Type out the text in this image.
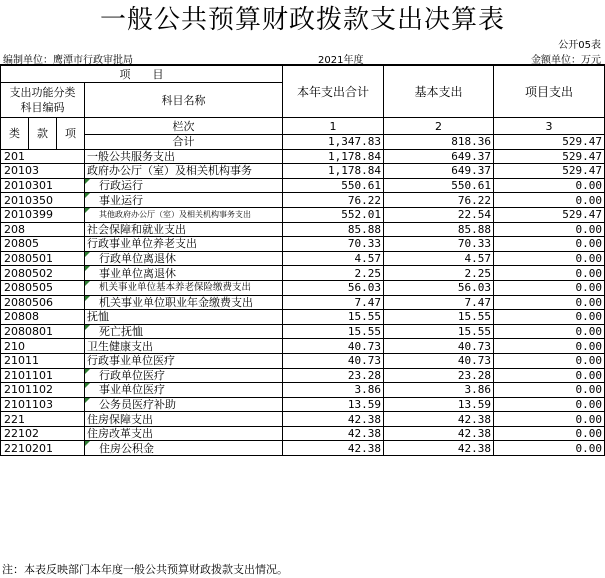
一般公共预算财政拨款支出决算表
公开05表
编制单位：鹰潭市行政审批局	2021年度	金额单位：万元
项　　目				本年支出合计	基本支出	项目支出
支出功能分类
科目编码			科目名称			
类	款	项				
			栏次	1	2	3
			合计	1,347.83	818.36	529.47
201			一般公共服务支出	1,178.84	649.37	529.47
20103			政府办公厅（室）及相关机构事务	1,178.84	649.37	529.47
2010301			行政运行	550.61	550.61	0.00
2010350			事业运行	76.22	76.22	0.00
2010399			其他政府办公厅（室）及相关机构事务支出	552.01	22.54	529.47
208			社会保障和就业支出	85.88	85.88	0.00
20805			行政事业单位养老支出	70.33	70.33	0.00
2080501			行政单位离退休	4.57	4.57	0.00
2080502			事业单位离退休	2.25	2.25	0.00
2080505			机关事业单位基本养老保险缴费支出	56.03	56.03	0.00
2080506			机关事业单位职业年金缴费支出	7.47	7.47	0.00
20808			抚恤	15.55	15.55	0.00
2080801			死亡抚恤	15.55	15.55	0.00
210			卫生健康支出	40.73	40.73	0.00
21011			行政事业单位医疗	40.73	40.73	0.00
2101101			行政单位医疗	23.28	23.28	0.00
2101102			事业单位医疗	3.86	3.86	0.00
2101103			公务员医疗补助	13.59	13.59	0.00
221			住房保障支出	42.38	42.38	0.00
22102			住房改革支出	42.38	42.38	0.00
2210201			住房公积金	42.38	42.38	0.00
注：本表反映部门本年度一般公共预算财政拨款支出情况。
